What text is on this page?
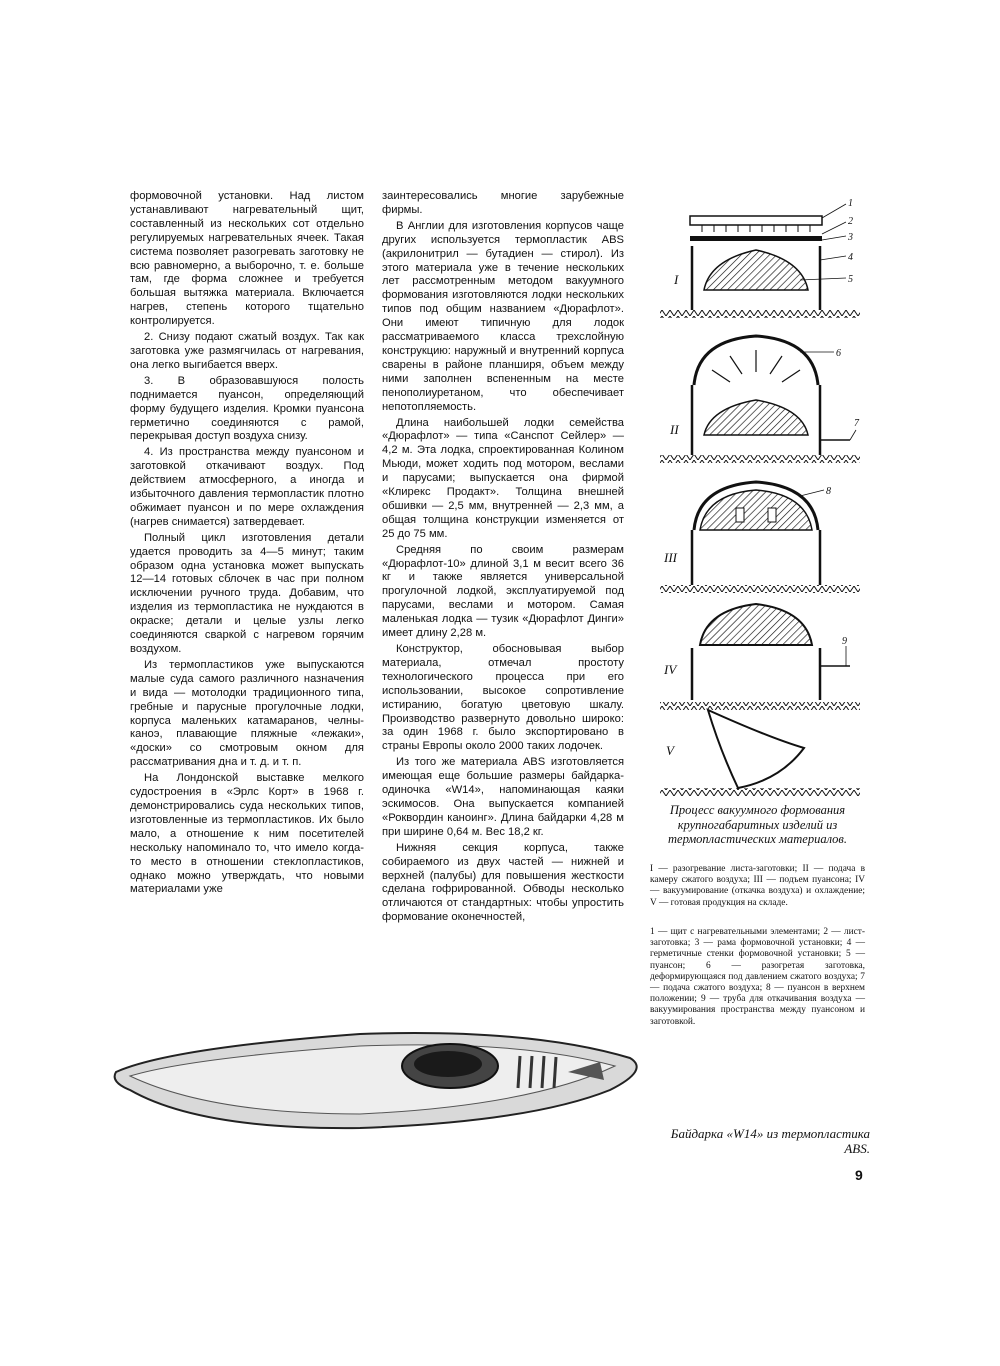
формовочной установки. Над листом устанавливают нагревательный щит, составленный из нескольких сот отдельно регулируемых нагревательных ячеек. Такая система позволяет разогревать заготовку не всю равномерно, а выборочно, т. е. больше там, где форма сложнее и требуется большая вытяжка материала. Включается нагрев, степень которого тщательно контролируется.

2. Снизу подают сжатый воздух. Так как заготовка уже размягчилась от нагревания, она легко выгибается вверх.

3. В образовавшуюся полость поднимается пуансон, определяющий форму будущего изделия. Кромки пуансона герметично соединяются с рамой, перекрывая доступ воздуха снизу.

4. Из пространства между пуансоном и заготовкой откачивают воздух. Под действием атмосферного, а иногда и избыточного давления термопластик плотно обжимает пуансон и по мере охлаждения (нагрев снимается) затвердевает.

Полный цикл изготовления детали удается проводить за 4—5 минут; таким образом одна установка может выпускать 12—14 готовых сблочек в час при полном исключении ручного труда. Добавим, что изделия из термопластика не нуждаются в окраске; детали и целые узлы легко соединяются сваркой с нагревом горячим воздухом.

Из термопластиков уже выпускаются малые суда самого различного назначения и вида — мотолодки традиционного типа, гребные и парусные прогулочные лодки, корпуса маленьких катамаранов, челны-каноэ, плавающие пляжные «лежаки», «доски» со смотровым окном для рассматривания дна и т. д. и т. п.

На Лондонской выставке мелкого судостроения в «Эрлс Корт» в 1968 г. демонстрировались суда нескольких типов, изготовленные из термопластиков. Их было мало, а отношение к ним посетителей нескольку напоминало то, что имело когда-то место в отношении стеклопластиков, однако можно утверждать, что новыми материалами уже

заинтересовались многие зарубежные фирмы.

В Англии для изготовления корпусов чаще других используется термопластик ABS (акрилонитрил — бутадиен — стирол). Из этого материала уже в течение нескольких лет рассмотренным методом вакуумного формования изготовляются лодки нескольких типов под общим названием «Дюрафлот». Они имеют типичную для лодок рассматриваемого класса трехслойную конструкцию: наружный и внутренний корпуса сварены в районе планширя, объем между ними заполнен вспененным на месте пенополиуретаном, что обеспечивает непотопляемость.

Длина наибольшей лодки семейства «Дюрафлот» — типа «Санспот Сейлер» — 4,2 м. Эта лодка, спроектированная Колином Мьюди, может ходить под мотором, веслами и парусами; выпускается она фирмой «Клирекс Продакт». Толщина внешней обшивки — 2,5 мм, внутренней — 2,3 мм, а общая толщина конструкции изменяется от 25 до 75 мм.

Средняя по своим размерам «Дюрафлот-10» длиной 3,1 м весит всего 36 кг и также является универсальной прогулочной лодкой, эксплуатируемой под парусами, веслами и мотором. Самая маленькая лодка — тузик «Дюрафлот Динги» имеет длину 2,28 м.

Конструктор, обосновывая выбор материала, отмечал простоту технологического процесса при его использовании, высокое сопротивление истиранию, богатую цветовую шкалу. Производство развернуто довольно широко: за один 1968 г. было экспортировано в страны Европы около 2000 таких лодочек.

Из того же материала ABS изготовляется имеющая еще большие размеры байдарка-одиночка «W14», напоминающая каяки эскимосов. Она выпускается компанией «Роквордин каноинг». Длина байдарки 4,28 м при ширине 0,64 м. Вес 18,2 кг.

Нижняя секция корпуса, также собираемого из двух частей — нижней и верхней (палубы) для повышения жесткости сделана гофрированной. Обводы несколько отличаются от стандартных: чтобы упростить формование оконечностей,

I
II
III
IV
V
1
2
3
4
5
6
7
8
9
Процесс вакуумного формования крупногабаритных изделий из термопластических материалов.
I — разогревание листа-заготовки; II — подача в камеру сжатого воздуха; III — подъем пуансона; IV — вакуумирование (откачка воздуха) и охлаждение; V — готовая продукция на складе.
1 — щит с нагревательными элементами; 2 — лист-заготовка; 3 — рама формовочной установки; 4 — герметичные стенки формовочной установки; 5 — пуансон; 6 — разогретая заготовка, деформирующаяся под давлением сжатого воздуха; 7 — подача сжатого воздуха; 8 — пуансон в верхнем положении; 9 — труба для откачивания воздуха — вакуумирования пространства между пуансоном и заготовкой.
Байдарка «W14» из термопластика ABS.
9
